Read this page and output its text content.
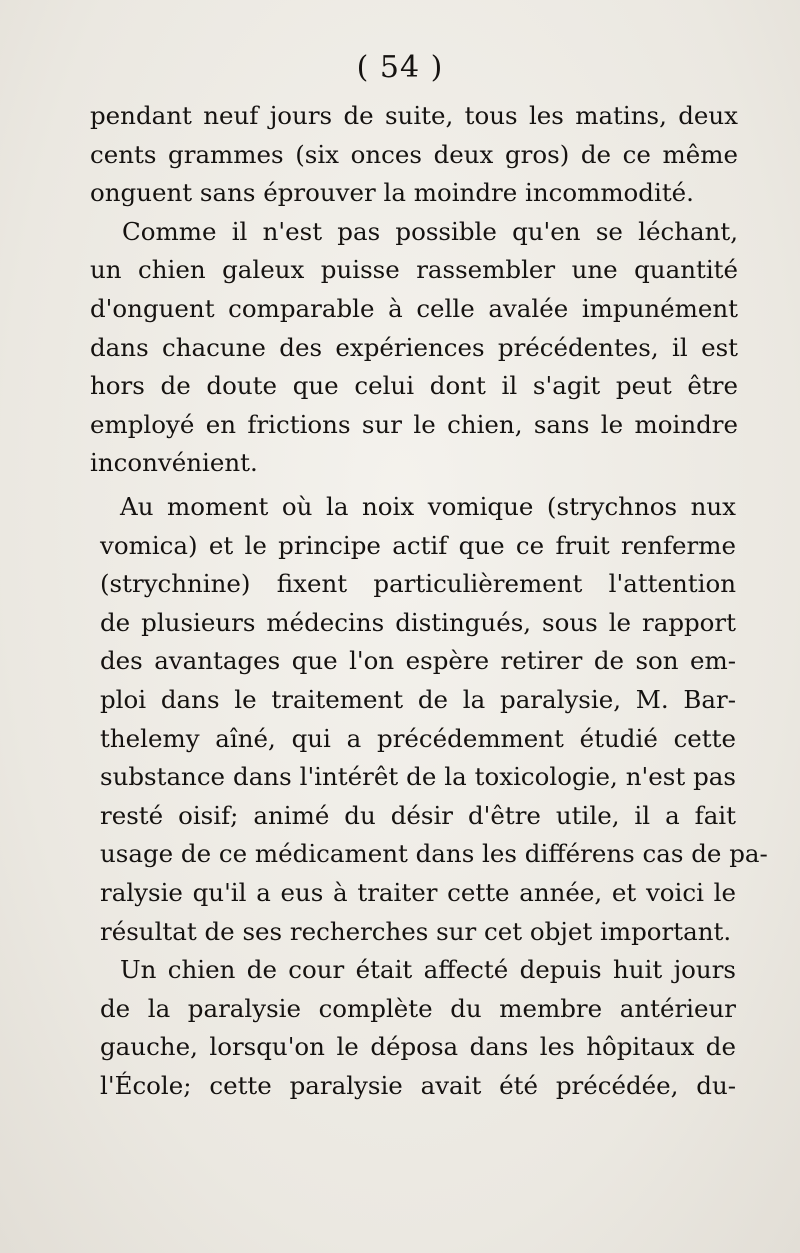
( 54 )
pendant neuf jours de suite, tous les matins, deux
cents grammes (six onces deux gros) de ce même
onguent sans éprouver la moindre incommodité.
Comme il n'est pas possible qu'en se léchant,
un chien galeux puisse rassembler une quantité
d'onguent comparable à celle avalée impunément
dans chacune des expériences précédentes, il est
hors de doute que celui dont il s'agit peut être
employé en frictions sur le chien, sans le moindre
inconvénient.
Au moment où la noix vomique (strychnos nux
vomica) et le principe actif que ce fruit renferme
(strychnine) fixent particulièrement l'attention
de plusieurs médecins distingués, sous le rapport
des avantages que l'on espère retirer de son em-
ploi dans le traitement de la paralysie, M. Bar-
thelemy aîné, qui a précédemment étudié cette
substance dans l'intérêt de la toxicologie, n'est pas
resté oisif; animé du désir d'être utile, il a fait
usage de ce médicament dans les différens cas de pa-
ralysie qu'il a eus à traiter cette année, et voici le
résultat de ses recherches sur cet objet important.
Un chien de cour était affecté depuis huit jours
de la paralysie complète du membre antérieur
gauche, lorsqu'on le déposa dans les hôpitaux de
l'École; cette paralysie avait été précédée, du-
